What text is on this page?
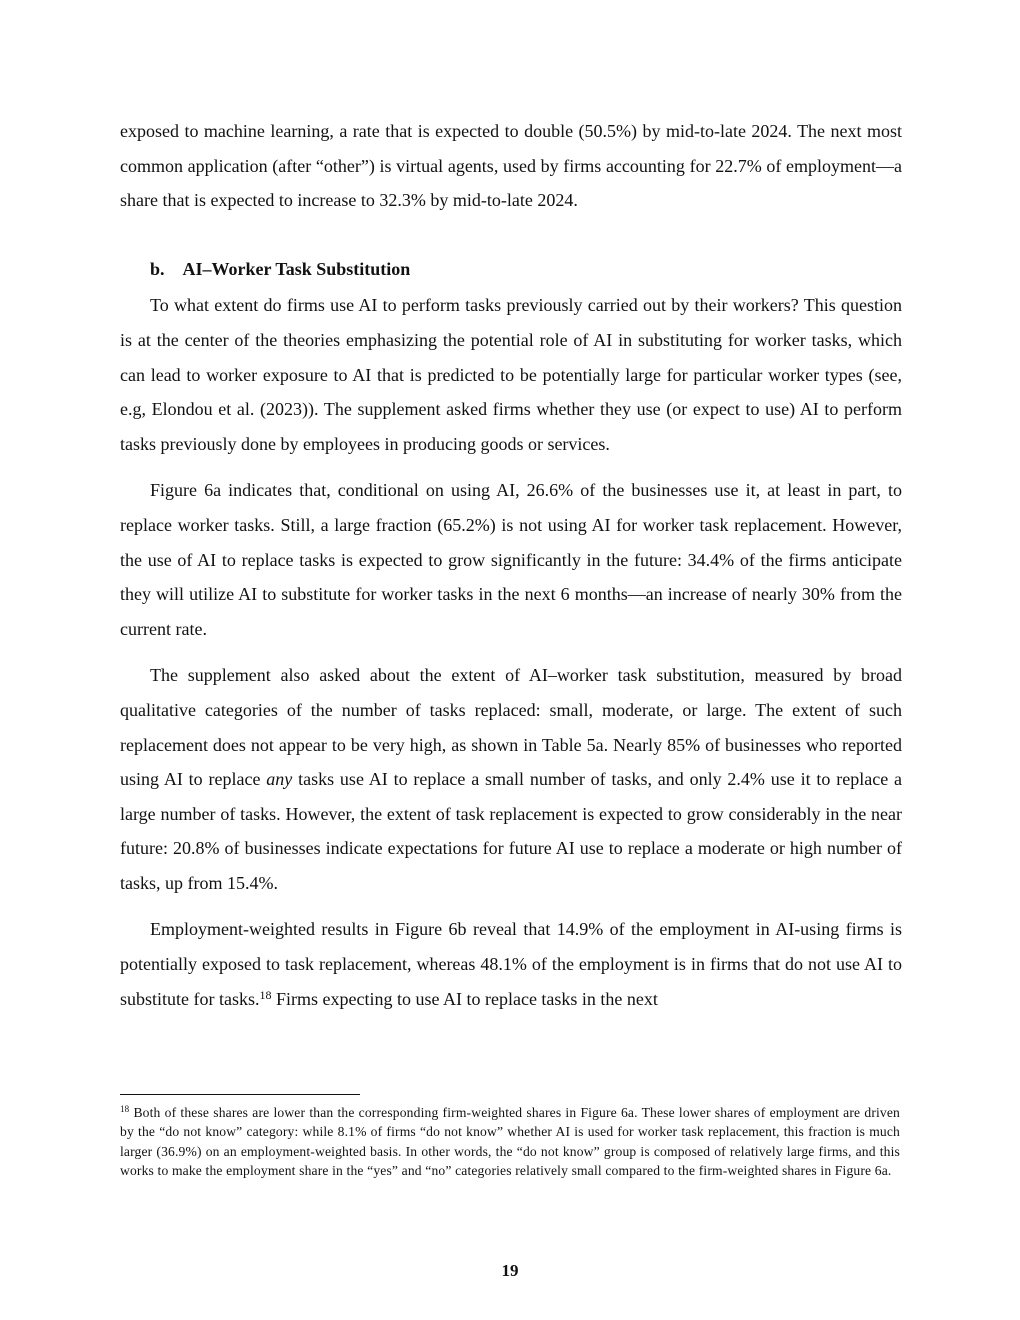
exposed to machine learning, a rate that is expected to double (50.5%) by mid-to-late 2024. The next most common application (after “other”) is virtual agents, used by firms accounting for 22.7% of employment—a share that is expected to increase to 32.3% by mid-to-late 2024.

b. AI–Worker Task Substitution

To what extent do firms use AI to perform tasks previously carried out by their workers? This question is at the center of the theories emphasizing the potential role of AI in substituting for worker tasks, which can lead to worker exposure to AI that is predicted to be potentially large for particular worker types (see, e.g, Elondou et al. (2023)). The supplement asked firms whether they use (or expect to use) AI to perform tasks previously done by employees in producing goods or services.

Figure 6a indicates that, conditional on using AI, 26.6% of the businesses use it, at least in part, to replace worker tasks. Still, a large fraction (65.2%) is not using AI for worker task replacement. However, the use of AI to replace tasks is expected to grow significantly in the future: 34.4% of the firms anticipate they will utilize AI to substitute for worker tasks in the next 6 months—an increase of nearly 30% from the current rate.

The supplement also asked about the extent of AI–worker task substitution, measured by broad qualitative categories of the number of tasks replaced: small, moderate, or large. The extent of such replacement does not appear to be very high, as shown in Table 5a. Nearly 85% of businesses who reported using AI to replace any tasks use AI to replace a small number of tasks, and only 2.4% use it to replace a large number of tasks. However, the extent of task replacement is expected to grow considerably in the near future: 20.8% of businesses indicate expectations for future AI use to replace a moderate or high number of tasks, up from 15.4%.

Employment-weighted results in Figure 6b reveal that 14.9% of the employment in AI-using firms is potentially exposed to task replacement, whereas 48.1% of the employment is in firms that do not use AI to substitute for tasks.$^{18}$ Firms expecting to use AI to replace tasks in the next

$^{18}$ Both of these shares are lower than the corresponding firm-weighted shares in Figure 6a. These lower shares of employment are driven by the “do not know” category: while 8.1% of firms “do not know” whether AI is used for worker task replacement, this fraction is much larger (36.9%) on an employment-weighted basis. In other words, the “do not know” group is composed of relatively large firms, and this works to make the employment share in the “yes” and “no” categories relatively small compared to the firm-weighted shares in Figure 6a.
19
